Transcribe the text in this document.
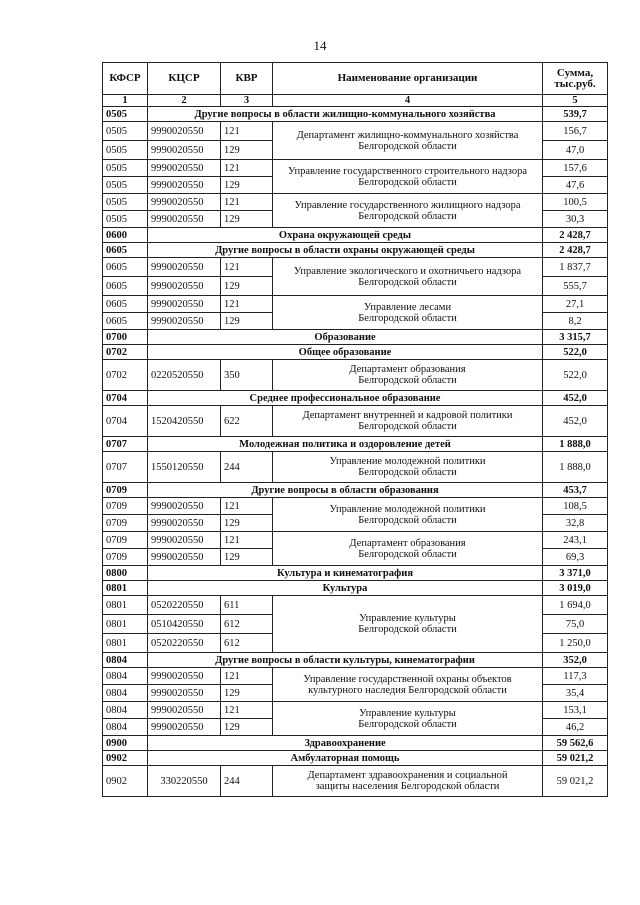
14
КФСР	КЦСР	КВР	Наименование организации	Сумма,
тыс.руб.
1	2	3	4	5
0505	Другие вопросы в области жилищно-коммунального хозяйства			539,7
0505	9990020550	121	Департамент жилищно-коммунального хозяйства
Белгородской области	156,7
0505	9990020550	129		47,0
0505	9990020550	121	Управление государственного строительного надзора
Белгородской области	157,6
0505	9990020550	129		47,6
0505	9990020550	121	Управление государственного жилищного надзора
Белгородской области	100,5
0505	9990020550	129		30,3
0600	Охрана окружающей среды			2 428,7
0605	Другие вопросы в области охраны окружающей среды			2 428,7
0605	9990020550	121	Управление экологического и охотничьего надзора
Белгородской области	1 837,7
0605	9990020550	129		555,7
0605	9990020550	121	Управление лесами
Белгородской области	27,1
0605	9990020550	129		8,2
0700	Образование			3 315,7
0702	Общее образование			522,0
0702	0220520550	350	Департамент образования
Белгородской области	522,0
0704	Среднее профессиональное образование			452,0
0704	1520420550	622	Департамент внутренней и кадровой политики
Белгородской области	452,0
0707	Молодежная политика и оздоровление детей			1 888,0
0707	1550120550	244	Управление молодежной политики
Белгородской области	1 888,0
0709	Другие вопросы в области образования			453,7
0709	9990020550	121	Управление молодежной политики
Белгородской области	108,5
0709	9990020550	129		32,8
0709	9990020550	121	Департамент образования
Белгородской области	243,1
0709	9990020550	129		69,3
0800	Культура и кинематография			3 371,0
0801	Культура			3 019,0
0801	0520220550	611	Управление культуры
Белгородской области	1 694,0
0801	0510420550	612		75,0
0801	0520220550	612		1 250,0
0804	Другие вопросы в области культуры, кинематографии			352,0
0804	9990020550	121	Управление государственной охраны объектов
культурного наследия Белгородской области	117,3
0804	9990020550	129		35,4
0804	9990020550	121	Управление культуры
Белгородской области	153,1
0804	9990020550	129		46,2
0900	Здравоохранение			59 562,6
0902	Амбулаторная помощь			59 021,2
0902	330220550	244	Департамент здравоохранения и социальной
защиты населения Белгородской области	59 021,2
